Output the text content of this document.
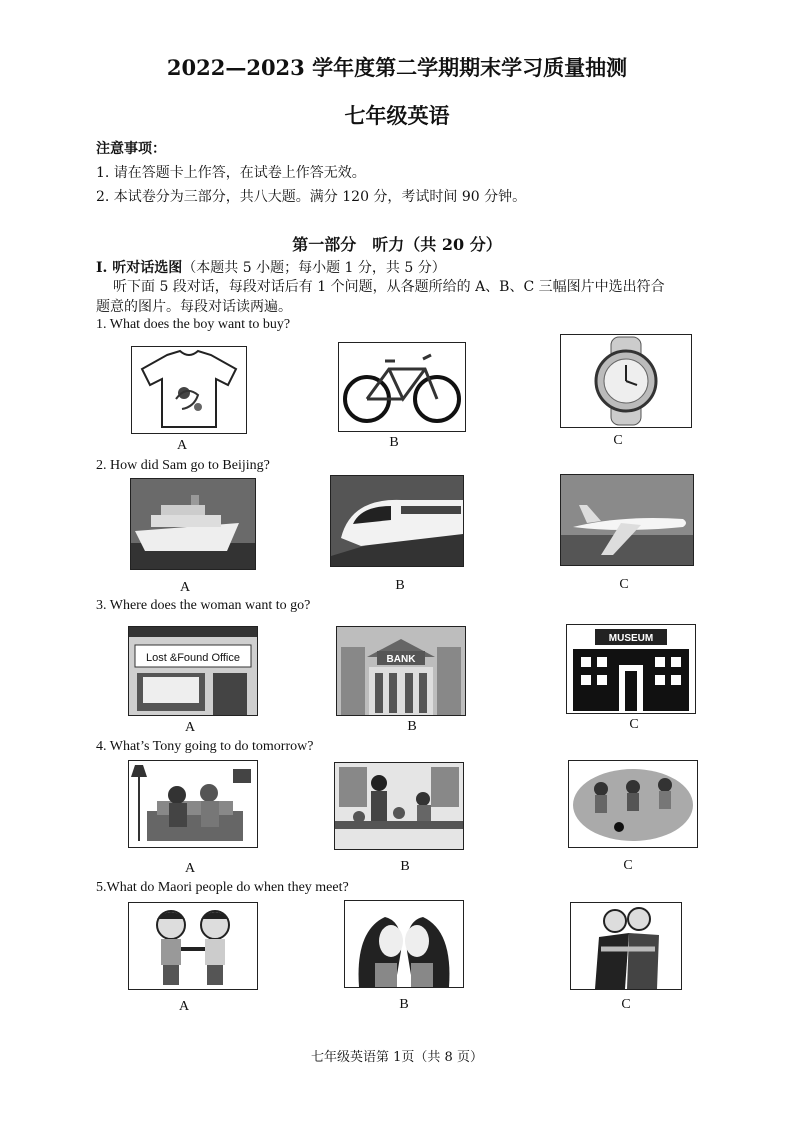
2022—2023 学年度第二学期期末学习质量抽测
七年级英语
注意事项：
1. 请在答题卡上作答，在试卷上作答无效。
2. 本试卷分为三部分，共八大题。满分 120 分，考试时间 90 分钟。
第一部分　听力（共 20 分）
I. 听对话选图（本题共 5 小题；每小题 1 分，共 5 分）
听下面 5 段对话，每段对话后有 1 个问题，从各题所给的 A、B、C 三幅图片中选出符合
题意的图片。每段对话读两遍。
1. What does the boy want to buy?
A	B	C
2. How did Sam go to Beijing?
A	B	C
3. Where does the woman want to go?
Lost &Found Office	BANK
MUSEUM
A	B	C
4. What’s Tony going to do tomorrow?
A	B	C
5.What do Maori people do when they meet?
A	B	C
七年级英语第 1页（共 8 页）
